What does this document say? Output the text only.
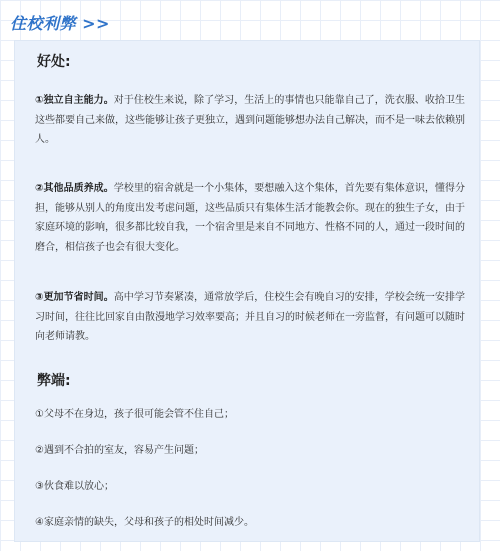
住校利弊 >>
好处:
①独立自主能力。对于住校生来说，除了学习，生活上的事情也只能靠自己了，洗衣服、收拾卫生这些都要自己来做，这些能够让孩子更独立，遇到问题能够想办法自己解决，而不是一味去依赖别人。
②其他品质养成。学校里的宿舍就是一个小集体，要想融入这个集体，首先要有集体意识，懂得分担，能够从别人的角度出发考虑问题，这些品质只有集体生活才能教会你。现在的独生子女，由于家庭环境的影响，很多都比较自我，一个宿舍里是来自不同地方、性格不同的人，通过一段时间的磨合，相信孩子也会有很大变化。
③更加节省时间。高中学习节奏紧凑，通常放学后，住校生会有晚自习的安排，学校会统一安排学习时间，往往比回家自由散漫地学习效率要高；并且自习的时候老师在一旁监督，有问题可以随时向老师请教。
弊端:
①父母不在身边，孩子很可能会管不住自己；
②遇到不合拍的室友，容易产生问题；
③伙食难以放心；
④家庭亲情的缺失，父母和孩子的相处时间减少。
